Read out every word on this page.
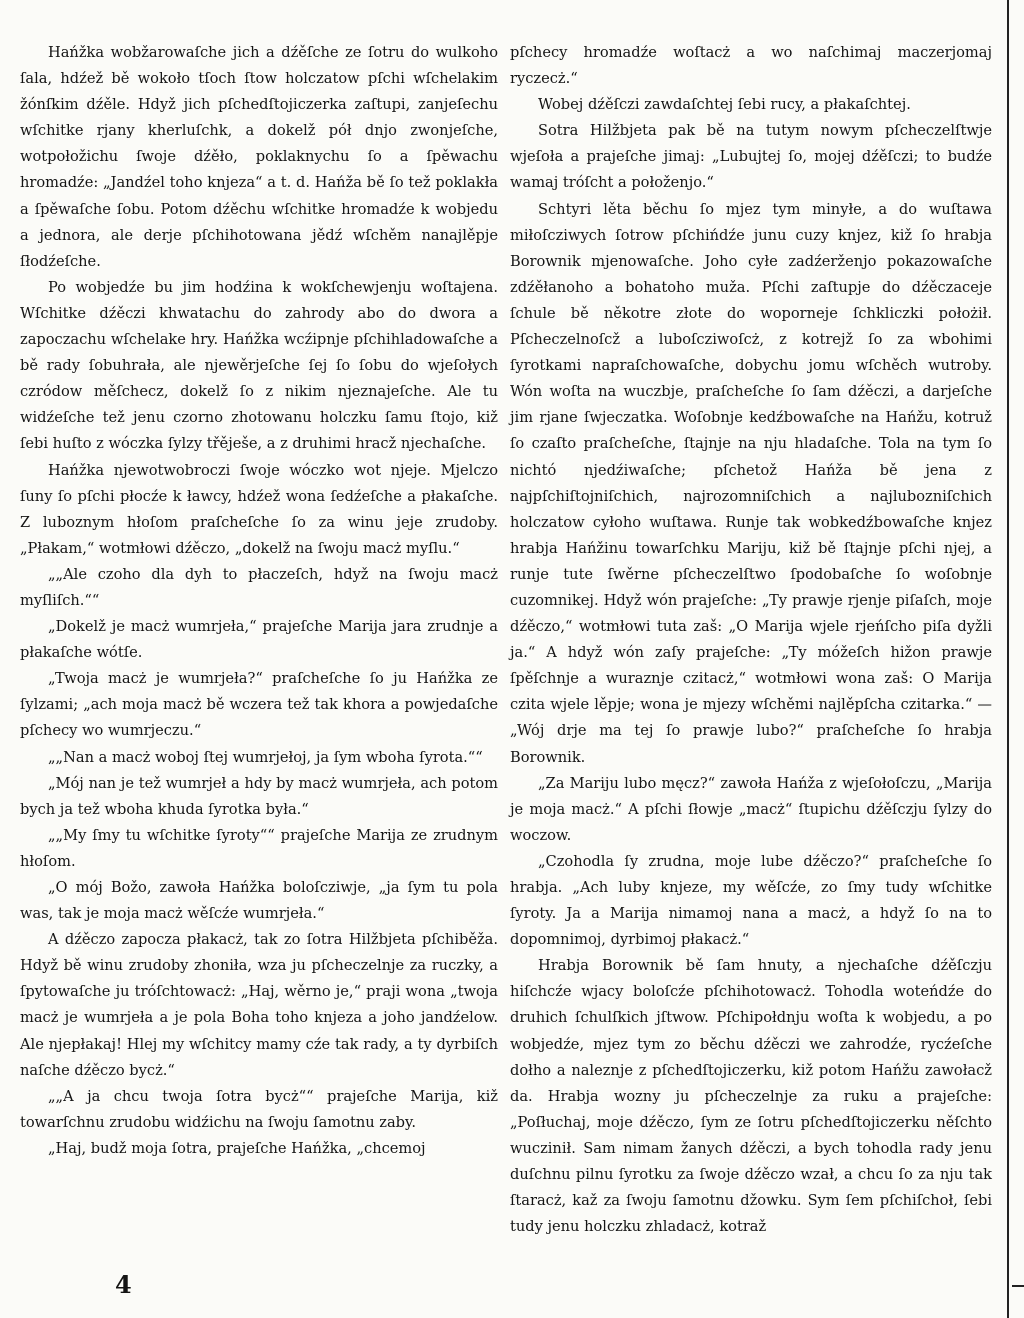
Hańžka wobžarowaſche jich a dźěſche ze ſotru do wulkoho ſala, hdźež bě wokoło tſoch ſtow holczatow pſchi wſchelakim žónſkim dźěle. Hdyž jich pſchedſtojiczerka zaſtupi, zanjeſechu wſchitke rjany kherluſchk, a dokelž pół dnjo zwonjeſche, wotpołožichu ſwoje dźěło, poklaknychu ſo a ſpěwachu hromadźe: „Jandźel toho knjeza“ a t. d. Hańža bě ſo tež poklakła a ſpěwaſche ſobu. Potom dźěchu wſchitke hromadźe k wobjedu a jednora, ale derje pſchihotowana jědź wſchěm nanajlěpje ſłodźeſche.

Po wobjedźe bu jim hodźina k wokſchewjenju woſtajena. Wſchitke dźěczi khwatachu do zahrody abo do dwora a zapoczachu wſchelake hry. Hańžka wcźipnje pſchihladowaſche a bě rady ſobuhrała, ale njewěrjeſche ſej ſo ſobu do wjeſołych czródow měſchecz, dokelž ſo z nikim njeznajeſche. Ale tu widźeſche tež jenu czorno zhotowanu holczku ſamu ſtojo, kiž ſebi huſto z wóczka ſylzy třěješe, a z druhimi hracž njechaſche.

Hańžka njewotwobroczi ſwoje wóczko wot njeje. Mjelczo ſuny ſo pſchi płocźe k ławcy, hdźež wona ſedźeſche a płakaſche. Z luboznym hłoſom praſcheſche ſo za winu jeje zrudoby. „Płakam,“ wotmłowi dźěczo, „dokelž na ſwoju macż myſlu.“

„„Ale czoho dla dyh to płaczeſch, hdyž na ſwoju macż myſliſch.““

„Dokelž je macż wumrjeła,“ prajeſche Marija jara zrudnje a płakaſche wótſe.

„Twoja macż je wumrjeła?“ praſcheſche ſo ju Hańžka ze ſylzami; „ach moja macż bě wczera tež tak khora a powjedaſche pſchecy wo wumrjeczu.“

„„Nan a macż woboj ſtej wumrjełoj, ja ſym wboha ſyrota.““

„Mój nan je tež wumrjeł a hdy by macż wumrjeła, ach potom bych ja tež wboha khuda ſyrotka była.“

„„My ſmy tu wſchitke ſyroty““ prajeſche Marija ze zrudnym hłoſom.

„O mój Božo, zawoła Hańžka boloſcziwje, „ja ſym tu pola was, tak je moja macż wěſcźe wumrjeła.“

A dźěczo zapocza płakacż, tak zo ſotra Hilžbjeta pſchiběža. Hdyž bě winu zrudoby zhoniła, wza ju pſcheczelnje za ruczky, a ſpytowaſche ju tróſchtowacż: „Haj, wěrno je,“ praji wona „twoja macż je wumrjeła a je pola Boha toho knjeza a joho jandźelow. Ale njepłakaj! Hlej my wſchitcy mamy cźe tak rady, a ty dyrbiſch naſche dźěczo bycż.“

„„A ja chcu twoja ſotra bycż““ prajeſche Marija, kiž towarſchnu zrudobu widźichu na ſwoju ſamotnu zaby.

„Haj, budž moja ſotra, prajeſche Hańžka, „chcemoj

pſchecy hromadźe woſtacż a wo naſchimaj maczerjomaj ryczecż.“

Wobej dźěſczi zawdaſchtej ſebi rucy, a płakaſchtej.

Sotra Hilžbjeta pak bě na tutym nowym pſcheczelſtwje wjeſoła a prajeſche jimaj: „Lubujtej ſo, mojej dźěſczi; to budźe wamaj tróſcht a połoženjo.“

Schtyri lěta běchu ſo mjez tym minyłe, a do wuſtawa miłoſcziwych ſotrow pſchińdźe junu cuzy knjez, kiž ſo hrabja Borownik mjenowaſche. Joho cyłe zadźerženjo pokazowaſche zdźěłanoho a bohatoho muža. Pſchi zaſtupje do dźěczaceje ſchule bě někotre złote do woporneje ſchkliczki położił. Pſcheczelnoſcž a luboſcziwoſcż, z kotrejž ſo za wbohimi ſyrotkami napraſchowaſche, dobychu jomu wſchěch wutroby. Wón woſta na wuczbje, praſcheſche ſo ſam dźěczi, a darjeſche jim rjane ſwjeczatka. Woſobnje kedźbowaſche na Hańžu, kotruž ſo czaſto praſcheſche, ſtajnje na nju hladaſche. Tola na tym ſo nichtó njedźiwaſche; pſchetož Hańža bě jena z najpſchiſtojniſchich, najrozomniſchich a najlubozniſchich holczatow cyłoho wuſtawa. Runje tak wobkedźbowaſche knjez hrabja Hańžinu towarſchku Mariju, kiž bě ſtajnje pſchi njej, a runje tute ſwěrne pſcheczelſtwo ſpodobaſche ſo woſobnje cuzomnikej. Hdyž wón prajeſche: „Ty prawje rjenje piſaſch, moje dźěczo,“ wotmłowi tuta zaš: „O Marija wjele rjeńſcho piſa dyžli ja.“ A hdyž wón zaſy prajeſche: „Ty móžeſch hižon prawje ſpěſchnje a wuraznje czitacż,“ wotmłowi wona zaš: O Marija czita wjele lěpje; wona je mjezy wſchěmi najlěpſcha czitarka.“ — „Wój drje ma tej ſo prawje lubo?“ praſcheſche ſo hrabja Borownik.

„Za Mariju lubo męcz?“ zawoła Hańža z wjeſołoſczu, „Marija je moja macż.“ A pſchi ſłowje „macż“ ſtupichu dźěſczju ſylzy do woczow.

„Czohodla ſy zrudna, moje lube dźěczo?“ praſcheſche ſo hrabja. „Ach luby knjeze, my wěſcźe, zo ſmy tudy wſchitke ſyroty. Ja a Marija nimamoj nana a macż, a hdyž ſo na to dopomnimoj, dyrbimoj płakacż.“

Hrabja Borownik bě ſam hnuty, a njechaſche dźěſczju hiſchcźe wjacy boloſcźe pſchihotowacż. Tohodla woteńdźe do druhich ſchulſkich jſtwow. Pſchipołdnju woſta k wobjedu, a po wobjedźe, mjez tym zo běchu dźěczi we zahrodźe, rycźeſche dołho a naleznje z pſchedſtojiczerku, kiž potom Hańžu zawołacž da. Hrabja wozny ju pſcheczelnje za ruku a prajeſche: „Poſłuchaj, moje dźěczo, ſym ze ſotru pſchedſtojiczerku něſchto wuczinił. Sam nimam žanych dźěczi, a bych tohodla rady jenu duſchnu pilnu ſyrotku za ſwoje dźěczo wzał, a chcu ſo za nju tak ſtaracż, kaž za ſwoju ſamotnu džowku. Sym ſem pſchiſchoł, ſebi tudy jenu holczku zhladacż, kotraž

4
